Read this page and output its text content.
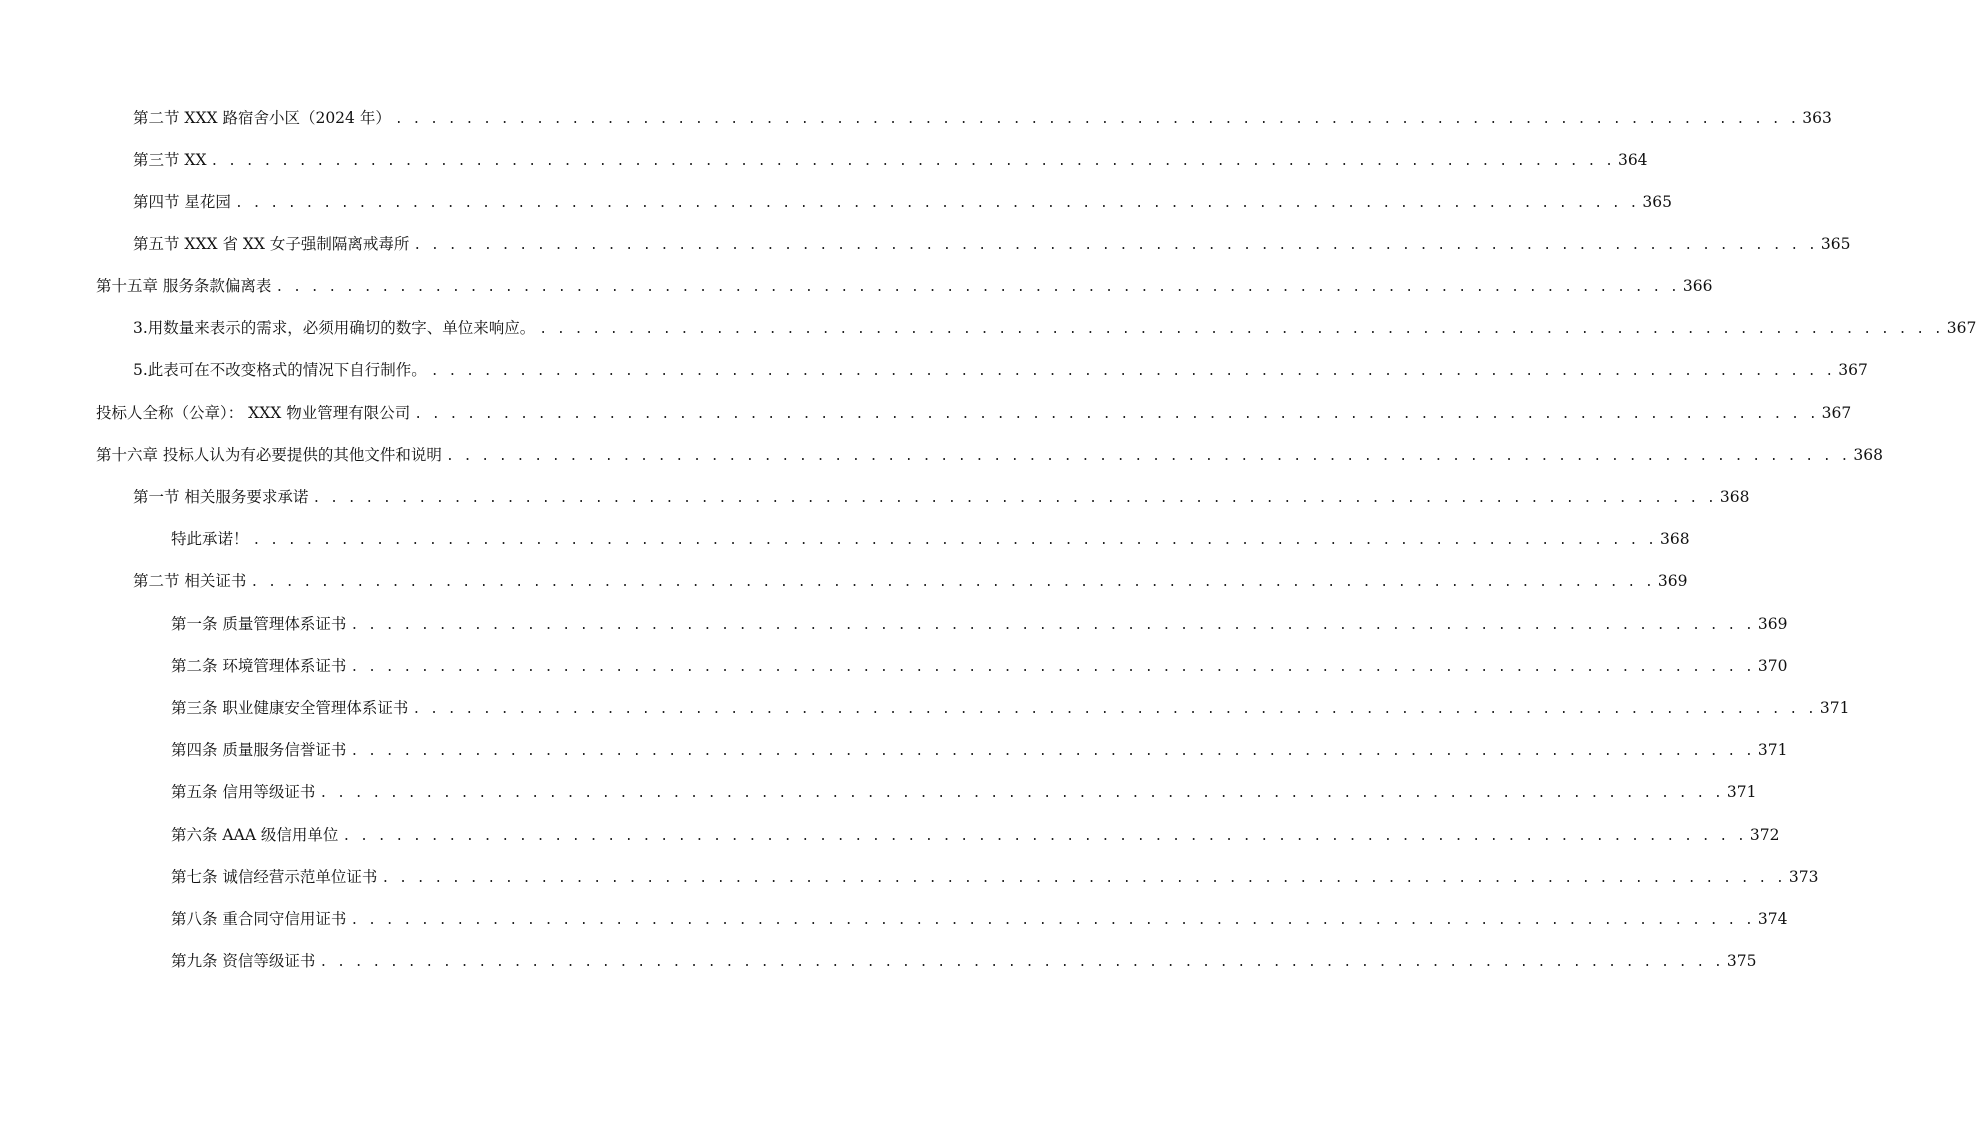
第二节 XXX 路宿舍小区（2024 年） . . . . . . . . . . . . . . . . . . . . . . . . . . . . . . . . . . . . . . . . . . . . . . . . . . . . . . . . . . . . . . . . . . . . . . . . . . . . . . . . 363
第三节 XX . . . . . . . . . . . . . . . . . . . . . . . . . . . . . . . . . . . . . . . . . . . . . . . . . . . . . . . . . . . . . . . . . . . . . . . . . . . . . . . . 364
第四节 星花园 . . . . . . . . . . . . . . . . . . . . . . . . . . . . . . . . . . . . . . . . . . . . . . . . . . . . . . . . . . . . . . . . . . . . . . . . . . . . . . . . 365
第五节 XXX 省 XX 女子强制隔离戒毒所 . . . . . . . . . . . . . . . . . . . . . . . . . . . . . . . . . . . . . . . . . . . . . . . . . . . . . . . . . . . . . . . . . . . . . . . . . . . . . . . . 365
第十五章 服务条款偏离表 . . . . . . . . . . . . . . . . . . . . . . . . . . . . . . . . . . . . . . . . . . . . . . . . . . . . . . . . . . . . . . . . . . . . . . . . . . . . . . . . 366
3.用数量来表示的需求，必须用确切的数字、单位来响应。 . . . . . . . . . . . . . . . . . . . . . . . . . . . . . . . . . . . . . . . . . . . . . . . . . . . . . . . . . . . . . . . . . . . . . . . . . . . . . . . . 367
5.此表可在不改变格式的情况下自行制作。 . . . . . . . . . . . . . . . . . . . . . . . . . . . . . . . . . . . . . . . . . . . . . . . . . . . . . . . . . . . . . . . . . . . . . . . . . . . . . . . . 367
投标人全称（公章）： XXX 物业管理有限公司 . . . . . . . . . . . . . . . . . . . . . . . . . . . . . . . . . . . . . . . . . . . . . . . . . . . . . . . . . . . . . . . . . . . . . . . . . . . . . . . . 367
第十六章 投标人认为有必要提供的其他文件和说明 . . . . . . . . . . . . . . . . . . . . . . . . . . . . . . . . . . . . . . . . . . . . . . . . . . . . . . . . . . . . . . . . . . . . . . . . . . . . . . . . 368
第一节 相关服务要求承诺 . . . . . . . . . . . . . . . . . . . . . . . . . . . . . . . . . . . . . . . . . . . . . . . . . . . . . . . . . . . . . . . . . . . . . . . . . . . . . . . . 368
特此承诺！ . . . . . . . . . . . . . . . . . . . . . . . . . . . . . . . . . . . . . . . . . . . . . . . . . . . . . . . . . . . . . . . . . . . . . . . . . . . . . . . . 368
第二节 相关证书 . . . . . . . . . . . . . . . . . . . . . . . . . . . . . . . . . . . . . . . . . . . . . . . . . . . . . . . . . . . . . . . . . . . . . . . . . . . . . . . . 369
第一条 质量管理体系证书 . . . . . . . . . . . . . . . . . . . . . . . . . . . . . . . . . . . . . . . . . . . . . . . . . . . . . . . . . . . . . . . . . . . . . . . . . . . . . . . . 369
第二条 环境管理体系证书 . . . . . . . . . . . . . . . . . . . . . . . . . . . . . . . . . . . . . . . . . . . . . . . . . . . . . . . . . . . . . . . . . . . . . . . . . . . . . . . . 370
第三条 职业健康安全管理体系证书 . . . . . . . . . . . . . . . . . . . . . . . . . . . . . . . . . . . . . . . . . . . . . . . . . . . . . . . . . . . . . . . . . . . . . . . . . . . . . . . . 371
第四条 质量服务信誉证书 . . . . . . . . . . . . . . . . . . . . . . . . . . . . . . . . . . . . . . . . . . . . . . . . . . . . . . . . . . . . . . . . . . . . . . . . . . . . . . . . 371
第五条 信用等级证书 . . . . . . . . . . . . . . . . . . . . . . . . . . . . . . . . . . . . . . . . . . . . . . . . . . . . . . . . . . . . . . . . . . . . . . . . . . . . . . . . 371
第六条 AAA 级信用单位 . . . . . . . . . . . . . . . . . . . . . . . . . . . . . . . . . . . . . . . . . . . . . . . . . . . . . . . . . . . . . . . . . . . . . . . . . . . . . . . . 372
第七条 诚信经营示范单位证书 . . . . . . . . . . . . . . . . . . . . . . . . . . . . . . . . . . . . . . . . . . . . . . . . . . . . . . . . . . . . . . . . . . . . . . . . . . . . . . . . 373
第八条 重合同守信用证书 . . . . . . . . . . . . . . . . . . . . . . . . . . . . . . . . . . . . . . . . . . . . . . . . . . . . . . . . . . . . . . . . . . . . . . . . . . . . . . . . 374
第九条 资信等级证书 . . . . . . . . . . . . . . . . . . . . . . . . . . . . . . . . . . . . . . . . . . . . . . . . . . . . . . . . . . . . . . . . . . . . . . . . . . . . . . . . 375
